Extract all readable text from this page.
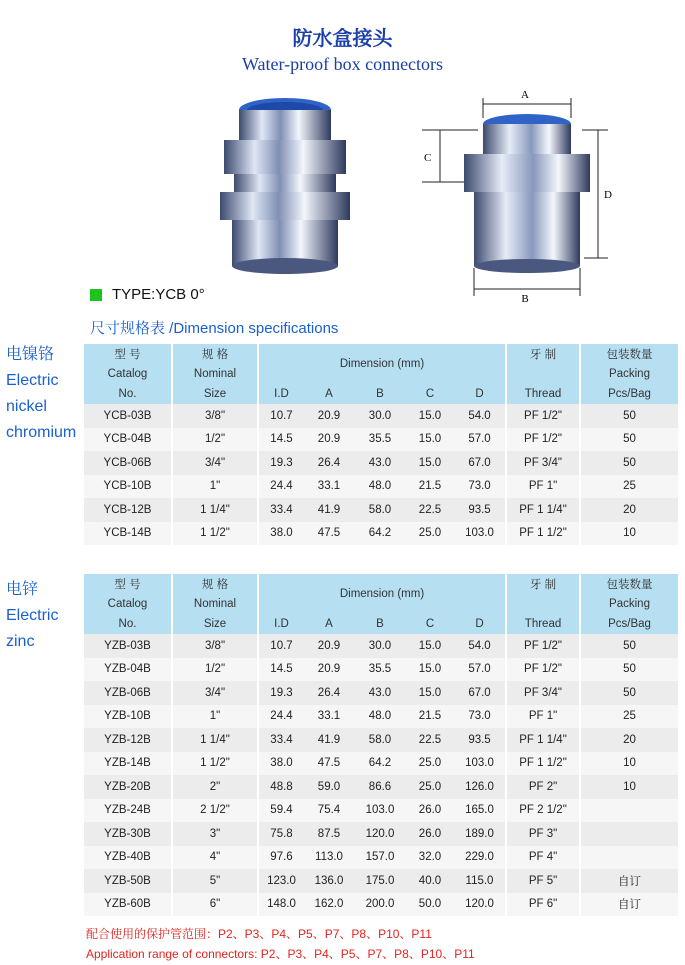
防水盒接头
Water-proof box connectors
A
B
C
D
TYPE:YCB 0°
尺寸规格表 /Dimension specifications
电镍铬
Electric
nickel
chromium
电锌
Electric
zinc
型 号	规 格	Dimension (mm)					牙 制	包装数量
Catalog	Nominal							Packing
No.	Size	I.D	A	B	C	D	Thread	Pcs/Bag
YCB-03B	3/8"	10.7	20.9	30.0	15.0	54.0	PF 1/2"	50
YCB-04B	1/2"	14.5	20.9	35.5	15.0	57.0	PF 1/2"	50
YCB-06B	3/4"	19.3	26.4	43.0	15.0	67.0	PF 3/4"	50
YCB-10B	1"	24.4	33.1	48.0	21.5	73.0	PF 1"	25
YCB-12B	1 1/4"	33.4	41.9	58.0	22.5	93.5	PF 1 1/4"	20
YCB-14B	1 1/2"	38.0	47.5	64.2	25.0	103.0	PF 1 1/2"	10
型 号	规 格	Dimension (mm)					牙 制	包装数量
Catalog	Nominal							Packing
No.	Size	I.D	A	B	C	D	Thread	Pcs/Bag
YZB-03B	3/8"	10.7	20.9	30.0	15.0	54.0	PF 1/2"	50
YZB-04B	1/2"	14.5	20.9	35.5	15.0	57.0	PF 1/2"	50
YZB-06B	3/4"	19.3	26.4	43.0	15.0	67.0	PF 3/4"	50
YZB-10B	1"	24.4	33.1	48.0	21.5	73.0	PF 1"	25
YZB-12B	1 1/4"	33.4	41.9	58.0	22.5	93.5	PF 1 1/4"	20
YZB-14B	1 1/2"	38.0	47.5	64.2	25.0	103.0	PF 1 1/2"	10
YZB-20B	2"	48.8	59.0	86.6	25.0	126.0	PF 2"	10
YZB-24B	2 1/2"	59.4	75.4	103.0	26.0	165.0	PF 2 1/2"	
YZB-30B	3"	75.8	87.5	120.0	26.0	189.0	PF 3"	
YZB-40B	4"	97.6	113.0	157.0	32.0	229.0	PF 4"	
YZB-50B	5"	123.0	136.0	175.0	40.0	115.0	PF 5"	自订
YZB-60B	6"	148.0	162.0	200.0	50.0	120.0	PF 6"	自订
配合使用的保护管范围：P2、P3、P4、P5、P7、P8、P10、P11
Application range of connectors: P2、P3、P4、P5、P7、P8、P10、P11
